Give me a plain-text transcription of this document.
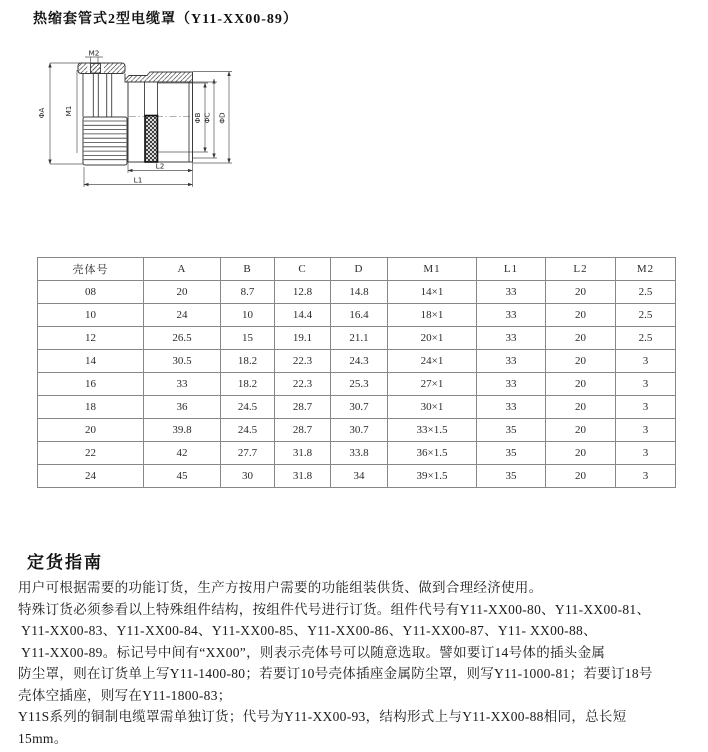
热缩套管式2型电缆罩（Y11-XX00-89）
M2
ΦA M1
ΦB ΦC ΦD
L2
L1
壳体号	A	B	C	D	M1	L1	L2	M2
08	20	8.7	12.8	14.8	14×1	33	20	2.5
10	24	10	14.4	16.4	18×1	33	20	2.5
12	26.5	15	19.1	21.1	20×1	33	20	2.5
14	30.5	18.2	22.3	24.3	24×1	33	20	3
16	33	18.2	22.3	25.3	27×1	33	20	3
18	36	24.5	28.7	30.7	30×1	33	20	3
20	39.8	24.5	28.7	30.7	33×1.5	35	20	3
22	42	27.7	31.8	33.8	36×1.5	35	20	3
24	45	30	31.8	34	39×1.5	35	20	3
定货指南
用户可根据需要的功能订货，生产方按用户需要的功能组装供货、做到合理经济使用。
特殊订货必须参看以上特殊组件结构，按组件代号进行订货。组件代号有Y11-XX00-80、Y11-XX00-81、
Y11-XX00-83、Y11-XX00-84、Y11-XX00-85、Y11-XX00-86、Y11-XX00-87、Y11- XX00-88、
Y11-XX00-89。标记号中间有“XX00”，则表示壳体号可以随意选取。譬如要订14号体的插头金属
防尘罩，则在订货单上写Y11-1400-80；若要订10号壳体插座金属防尘罩，则写Y11-1000-81；若要订18号
壳体空插座，则写在Y11-1800-83；
Y11S系列的铜制电缆罩需单独订货；代号为Y11-XX00-93，结构形式上与Y11-XX00-88相同，总长短
15mm。
